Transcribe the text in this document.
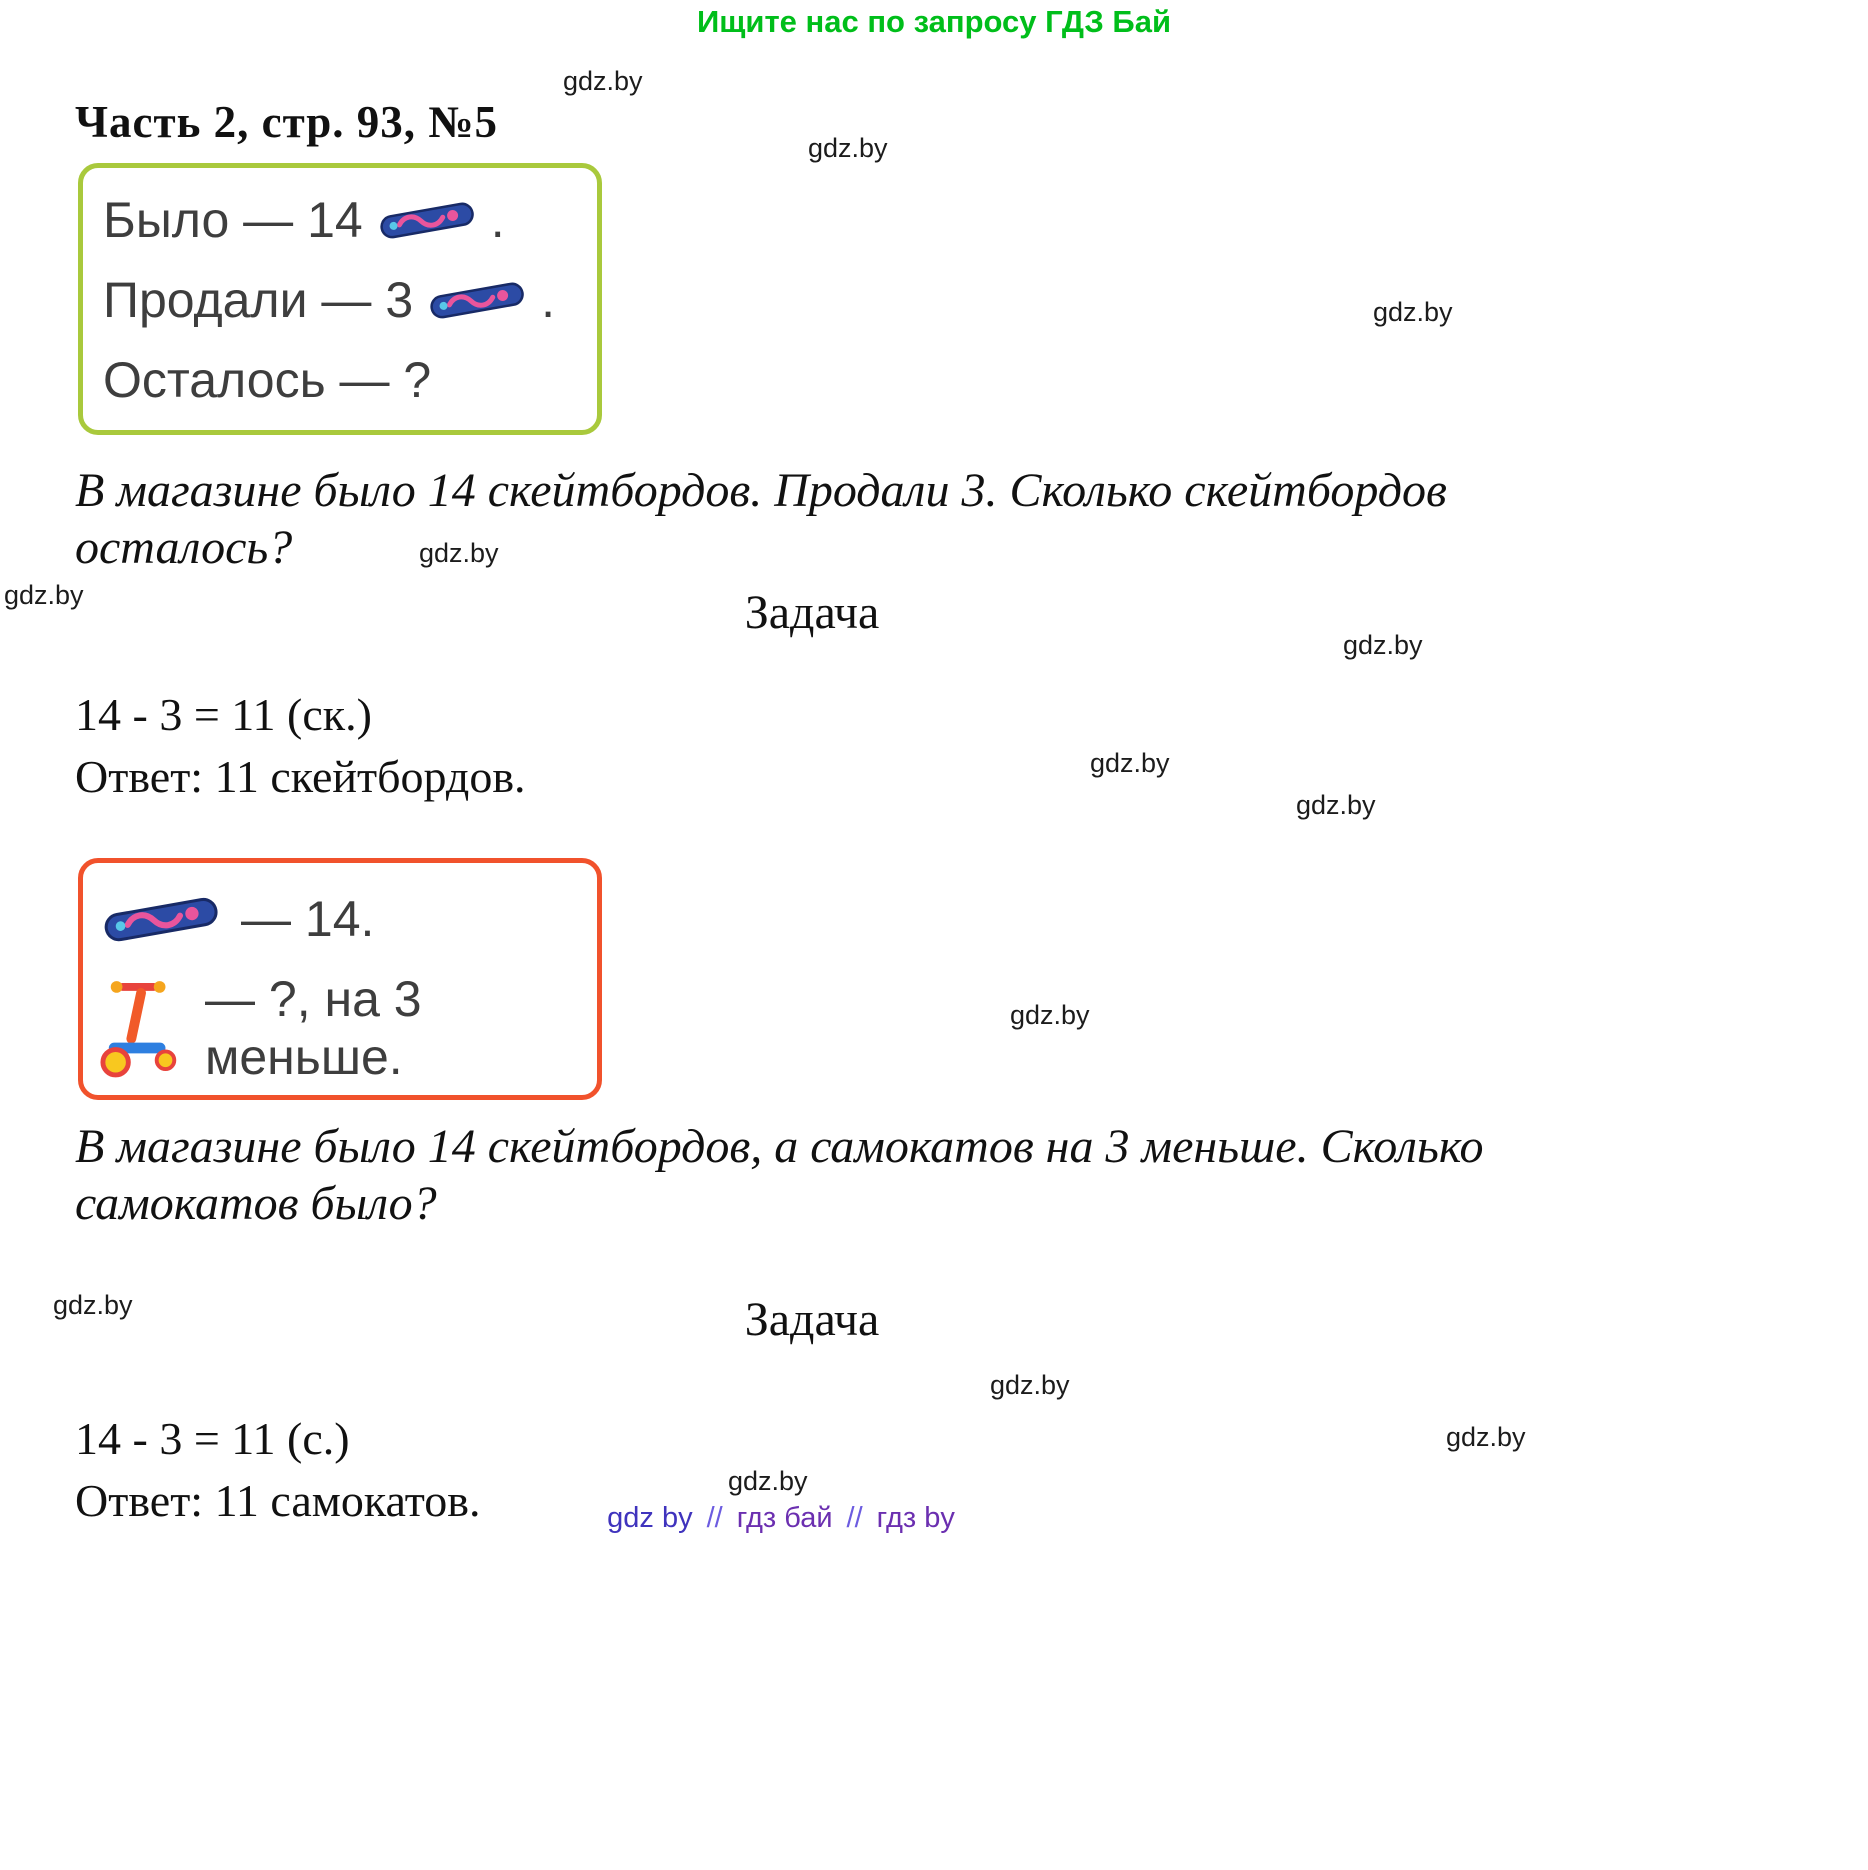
Ищите нас по запросу ГДЗ Бай
gdz.by
gdz.by
gdz.by
gdz.by
gdz.by
gdz.by
gdz.by
gdz.by
gdz.by
gdz.by
gdz.by
gdz.by
gdz.by
Часть 2, стр. 93, №5
Было — 14	.
Продали — 3	.
Осталось — ?
В магазине было 14 скейтбордов. Продали 3. Сколько скейтбордов
осталось?
Задача
14 - 3 = 11 (ск.)
Ответ: 11 скейтбордов.
— 14.
— ?, на 3 меньше.
В магазине было 14 скейтбордов, а самокатов на 3 меньше. Сколько
самокатов было?
Задача
14 - 3 = 11 (с.)
Ответ: 11 самокатов.	gdz by // гдз бай // гдз by
